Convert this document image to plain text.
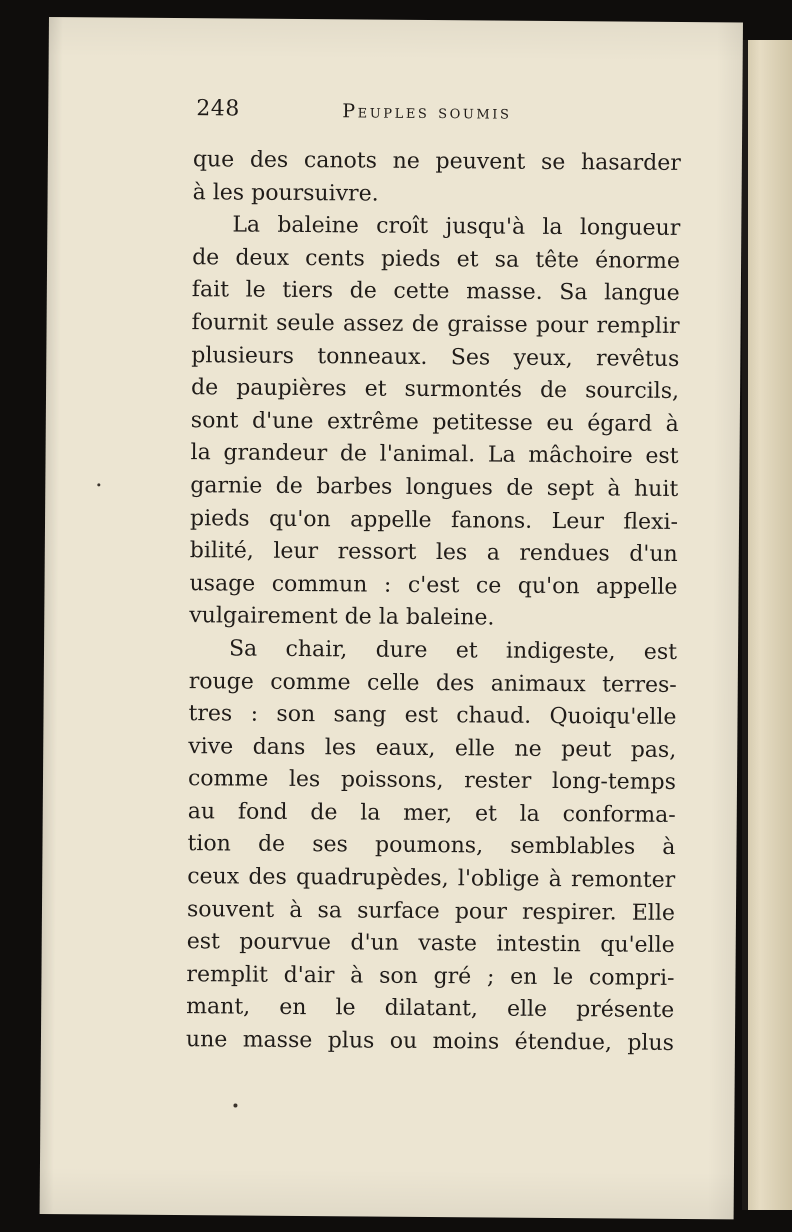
248	Peuples soumis
que des canots ne peuvent se hasarder
à les poursuivre.
La baleine croît jusqu'à la longueur
de deux cents pieds et sa tête énorme
fait le tiers de cette masse. Sa langue
fournit seule assez de graisse pour remplir
plusieurs tonneaux. Ses yeux, revêtus
de paupières et surmontés de sourcils,
sont d'une extrême petitesse eu égard à
la grandeur de l'animal. La mâchoire est
garnie de barbes longues de sept à huit
pieds qu'on appelle fanons. Leur flexi-
bilité, leur ressort les a rendues d'un
usage commun : c'est ce qu'on appelle
vulgairement de la baleine.
Sa chair, dure et indigeste, est
rouge comme celle des animaux terres-
tres : son sang est chaud. Quoiqu'elle
vive dans les eaux, elle ne peut pas,
comme les poissons, rester long-temps
au fond de la mer, et la conforma-
tion de ses poumons, semblables à
ceux des quadrupèdes, l'oblige à remonter
souvent à sa surface pour respirer. Elle
est pourvue d'un vaste intestin qu'elle
remplit d'air à son gré ; en le compri-
mant, en le dilatant, elle présente
une masse plus ou moins étendue, plus
